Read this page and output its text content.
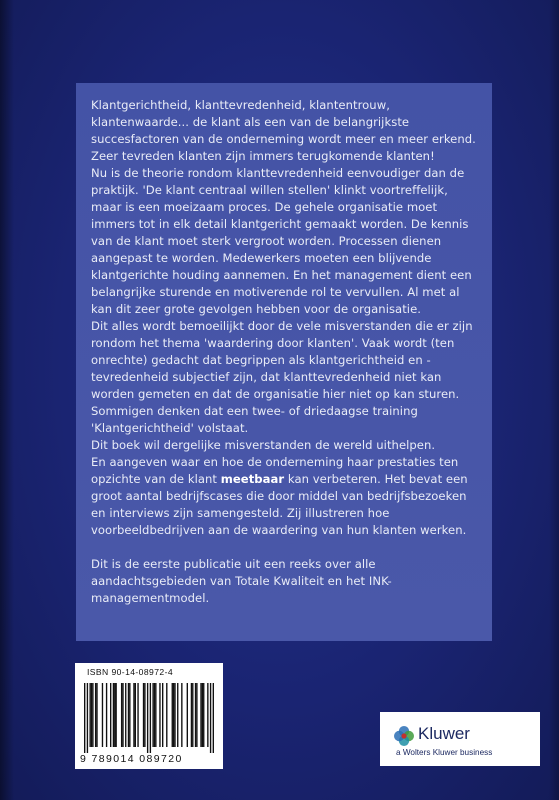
Klantgerichtheid, klanttevredenheid, klantentrouw, klantenwaarde... de klant als een van de belangrijkste succesfactoren van de onderneming wordt meer en meer erkend. Zeer tevreden klanten zijn immers terugkomende klanten!

Nu is de theorie rondom klanttevredenheid eenvoudiger dan de praktijk. 'De klant centraal willen stellen' klinkt voortreffelijk, maar is een moeizaam proces. De gehele organisatie moet immers tot in elk detail klantgericht gemaakt worden. De kennis van de klant moet sterk vergroot worden. Processen dienen aangepast te worden. Medewerkers moeten een blijvende klantgerichte houding aannemen. En het management dient een belangrijke sturende en motiverende rol te vervullen. Al met al kan dit zeer grote gevolgen hebben voor de organisatie.

Dit alles wordt bemoeilijkt door de vele misverstanden die er zijn rondom het thema 'waardering door klanten'. Vaak wordt (ten onrechte) gedacht dat begrippen als klantgerichtheid en -tevredenheid subjectief zijn, dat klanttevredenheid niet kan worden gemeten en dat de organisatie hier niet op kan sturen. Sommigen denken dat een twee- of driedaagse training 'Klantgerichtheid' volstaat.

Dit boek wil dergelijke misverstanden de wereld uithelpen.

En aangeven waar en hoe de onderneming haar prestaties ten opzichte van de klant meetbaar kan verbeteren. Het bevat een groot aantal bedrijfscases die door middel van bedrijfsbezoeken en interviews zijn samengesteld. Zij illustreren hoe voorbeeldbedrijven aan de waardering van hun klanten werken.

Dit is de eerste publicatie uit een reeks over alle aandachtsgebieden van Totale Kwaliteit en het INK-managementmodel.

ISBN 90-14-08972-4
9 789014 089720
Kluwer
a Wolters Kluwer business
